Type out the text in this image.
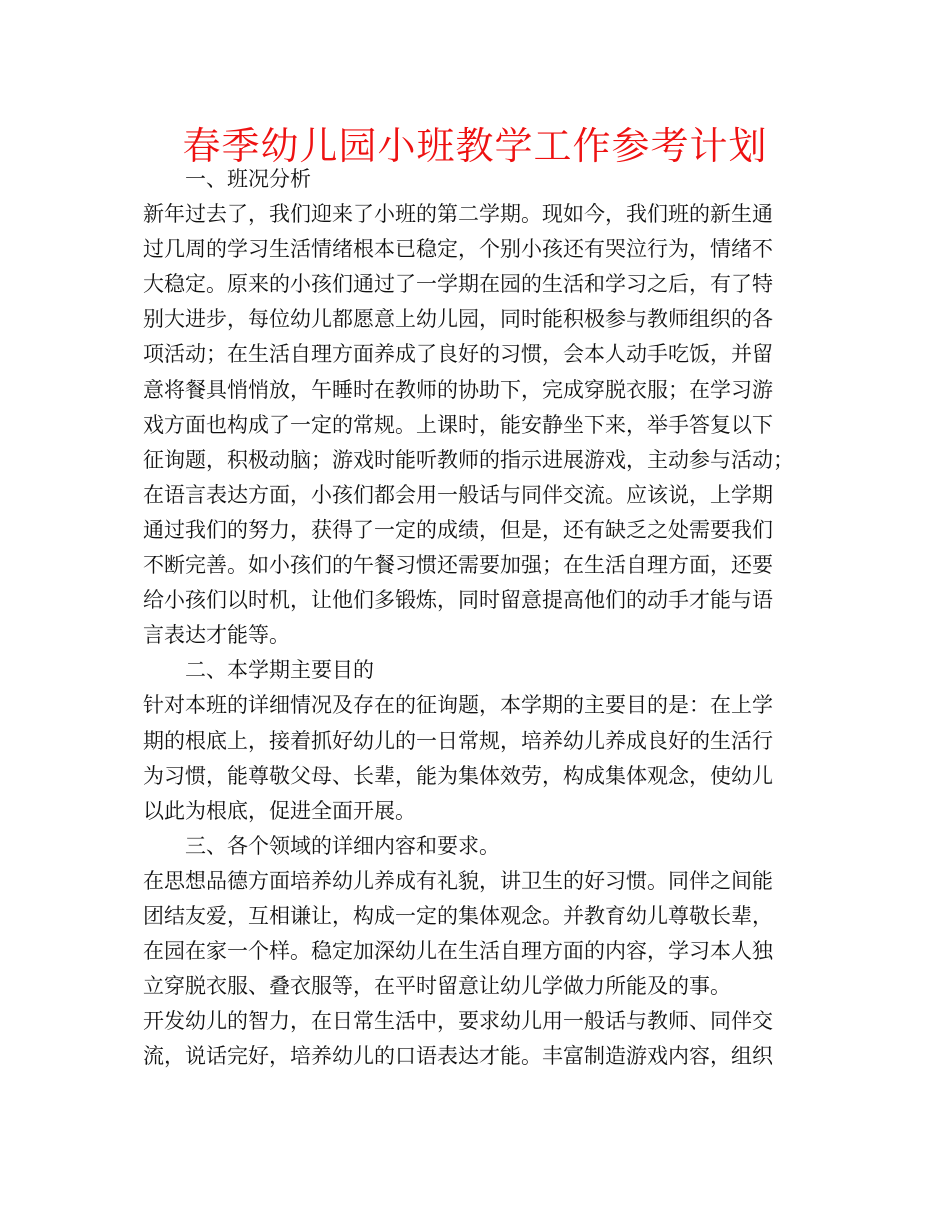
春季幼儿园小班教学工作参考计划
一、班况分析
新年过去了，我们迎来了小班的第二学期。现如今，我们班的新生通
过几周的学习生活情绪根本已稳定，个别小孩还有哭泣行为，情绪不
大稳定。原来的小孩们通过了一学期在园的生活和学习之后，有了特
别大进步，每位幼儿都愿意上幼儿园，同时能积极参与教师组织的各
项活动；在生活自理方面养成了良好的习惯，会本人动手吃饭，并留
意将餐具悄悄放，午睡时在教师的协助下，完成穿脱衣服；在学习游
戏方面也构成了一定的常规。上课时，能安静坐下来，举手答复以下
征询题，积极动脑；游戏时能听教师的指示进展游戏，主动参与活动；
在语言表达方面，小孩们都会用一般话与同伴交流。应该说，上学期
通过我们的努力，获得了一定的成绩，但是，还有缺乏之处需要我们
不断完善。如小孩们的午餐习惯还需要加强；在生活自理方面，还要
给小孩们以时机，让他们多锻炼，同时留意提高他们的动手才能与语
言表达才能等。
二、本学期主要目的
针对本班的详细情况及存在的征询题，本学期的主要目的是：在上学
期的根底上，接着抓好幼儿的一日常规，培养幼儿养成良好的生活行
为习惯，能尊敬父母、长辈，能为集体效劳，构成集体观念，使幼儿
以此为根底，促进全面开展。
三、各个领域的详细内容和要求。
在思想品德方面培养幼儿养成有礼貌，讲卫生的好习惯。同伴之间能
团结友爱，互相谦让，构成一定的集体观念。并教育幼儿尊敬长辈，
在园在家一个样。稳定加深幼儿在生活自理方面的内容，学习本人独
立穿脱衣服、叠衣服等，在平时留意让幼儿学做力所能及的事。
开发幼儿的智力，在日常生活中，要求幼儿用一般话与教师、同伴交
流，说话完好，培养幼儿的口语表达才能。丰富制造游戏内容，组织
